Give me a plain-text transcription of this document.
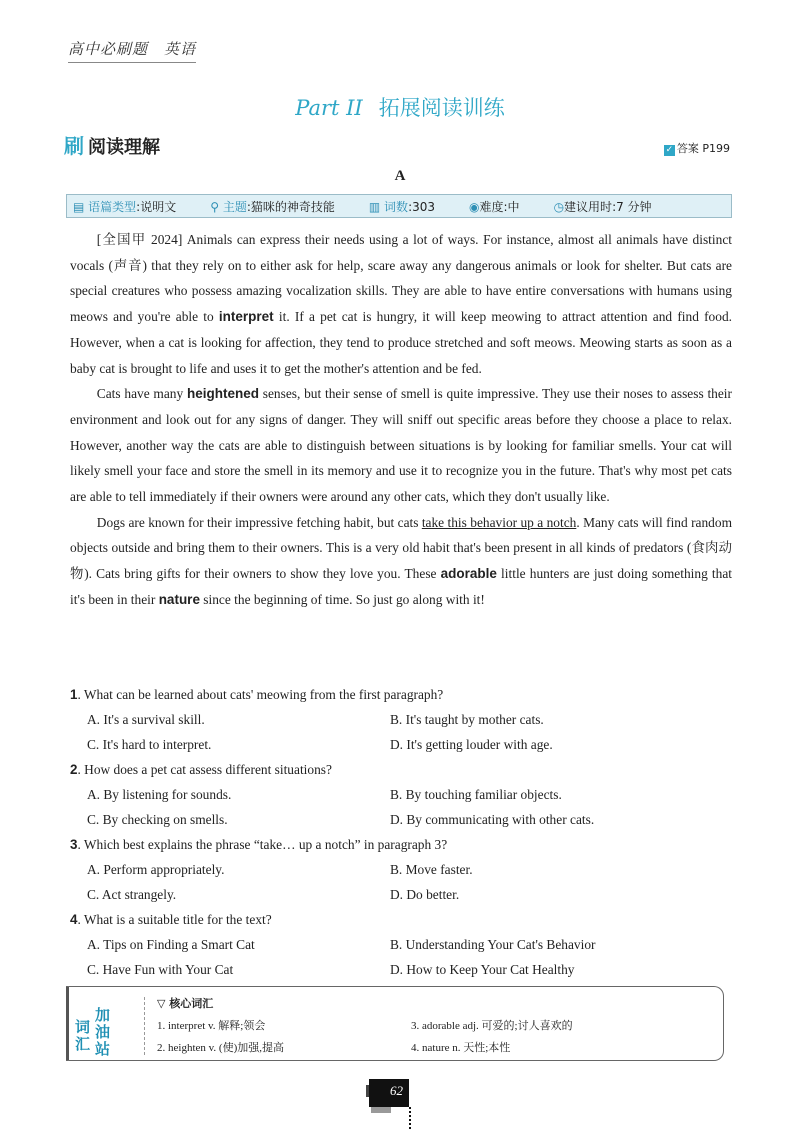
高中必刷题　英语
Part II 拓展阅读训练
刷 阅读理解	✓ 答案 P199
A
▤ 语篇类型:说明文	⚲ 主题:猫咪的神奇技能	▥ 词数:303	◉难度:中	◷建议用时:7 分钟

[全国甲 2024] Animals can express their needs using a lot of ways. For instance, almost all animals have distinct vocals (声音) that they rely on to either ask for help, scare away any dangerous animals or look for shelter. But cats are special creatures who possess amazing vocalization skills. They are able to have entire conversations with humans using meows and you're able to interpret it. If a pet cat is hungry, it will keep meowing to attract attention and find food. However, when a cat is looking for affection, they tend to produce stretched and soft meows. Meowing starts as soon as a baby cat is brought to life and uses it to get the mother's attention and be fed.

Cats have many heightened senses, but their sense of smell is quite impressive. They use their noses to assess their environment and look out for any signs of danger. They will sniff out specific areas before they choose a place to relax. However, another way the cats are able to distinguish between situations is by looking for familiar smells. Your cat will likely smell your face and store the smell in its memory and use it to recognize you in the future. That's why most pet cats are able to tell immediately if their owners were around any other cats, which they don't usually like.

Dogs are known for their impressive fetching habit, but cats take this behavior up a notch. Many cats will find random objects outside and bring them to their owners. This is a very old habit that's been present in all kinds of predators (食肉动物). Cats bring gifts for their owners to show they love you. These adorable little hunters are just doing something that it's been in their nature since the beginning of time. So just go along with it!

1. What can be learned about cats' meowing from the first paragraph?
A. It's a survival skill.	B. It's taught by mother cats.
C. It's hard to interpret.	D. It's getting louder with age.
2. How does a pet cat assess different situations?
A. By listening for sounds.	B. By touching familiar objects.
C. By checking on smells.	D. By communicating with other cats.
3. Which best explains the phrase “take… up a notch” in paragraph 3?
A. Perform appropriately.	B. Move faster.
C. Act strangely.	D. Do better.
4. What is a suitable title for the text?
A. Tips on Finding a Smart Cat	B. Understanding Your Cat's Behavior
C. Have Fun with Your Cat	D. How to Keep Your Cat Healthy
词汇
加油站
▽ 核心词汇
1. interpret v. 解释;领会
2. heighten v. (使)加强,提高
3. adorable adj. 可爱的;讨人喜欢的
4. nature n. 天性;本性
62
